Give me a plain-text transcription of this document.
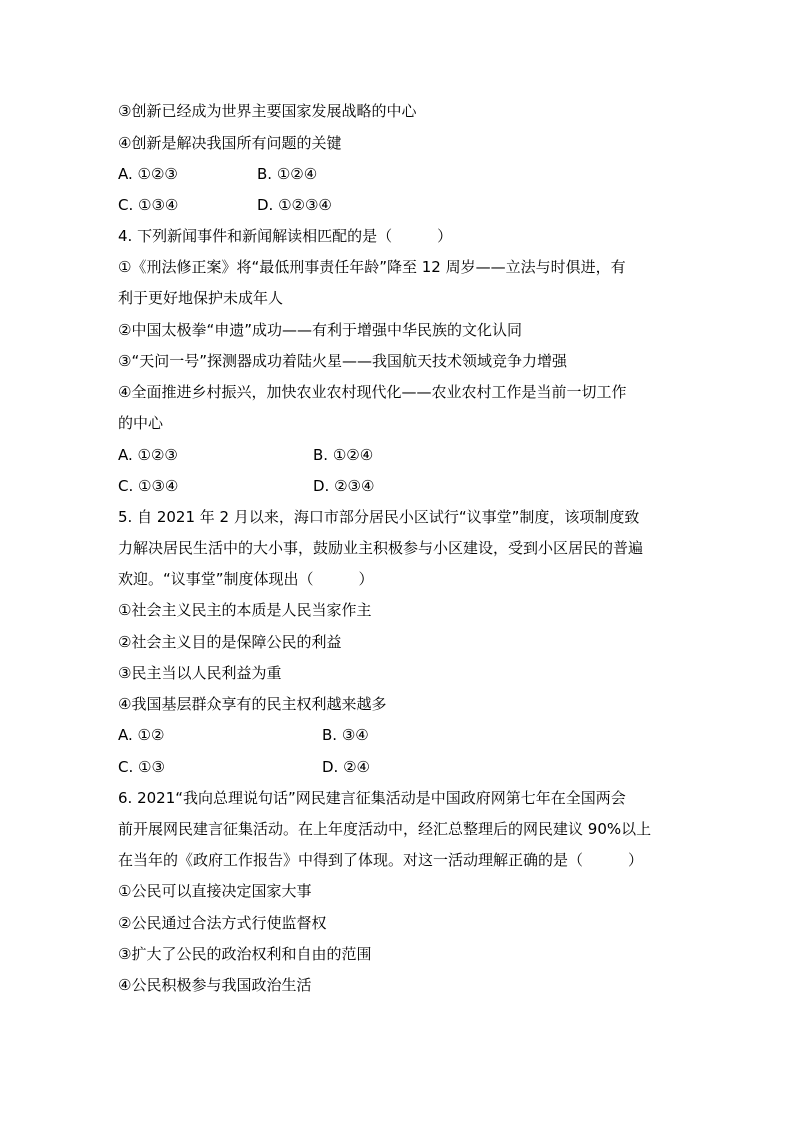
③创新已经成为世界主要国家发展战略的中心
④创新是解决我国所有问题的关键

A. ①②③

	B. ①②④

C. ①③④

	D. ①②③④

4. 下列新闻事件和新闻解读相匹配的是（　　　）
①《刑法修正案》将“最低刑事责任年龄”降至 12 周岁——立法与时俱进，有
利于更好地保护未成年人
②中国太极拳“申遗”成功——有利于增强中华民族的文化认同
③“天问一号”探测器成功着陆火星——我国航天技术领域竞争力增强
④全面推进乡村振兴，加快农业农村现代化——农业农村工作是当前一切工作
的中心

A. ①②③

	B. ①②④

C. ①③④

	D. ②③④

5. 自 2021 年 2 月以来，海口市部分居民小区试行“议事堂”制度，该项制度致
力解决居民生活中的大小事，鼓励业主积极参与小区建设，受到小区居民的普遍
欢迎。“议事堂”制度体现出（　　　）
①社会主义民主的本质是人民当家作主
②社会主义目的是保障公民的利益
③民主当以人民利益为重
④我国基层群众享有的民主权利越来越多

A. ①②

	B. ③④

C. ①③

	D. ②④

6. 2021“我向总理说句话”网民建言征集活动是中国政府网第七年在全国两会
前开展网民建言征集活动。在上年度活动中，经汇总整理后的网民建议 90%以上
在当年的《政府工作报告》中得到了体现。对这一活动理解正确的是（　　　）
①公民可以直接决定国家大事
②公民通过合法方式行使监督权
③扩大了公民的政治权利和自由的范围
④公民积极参与我国政治生活
